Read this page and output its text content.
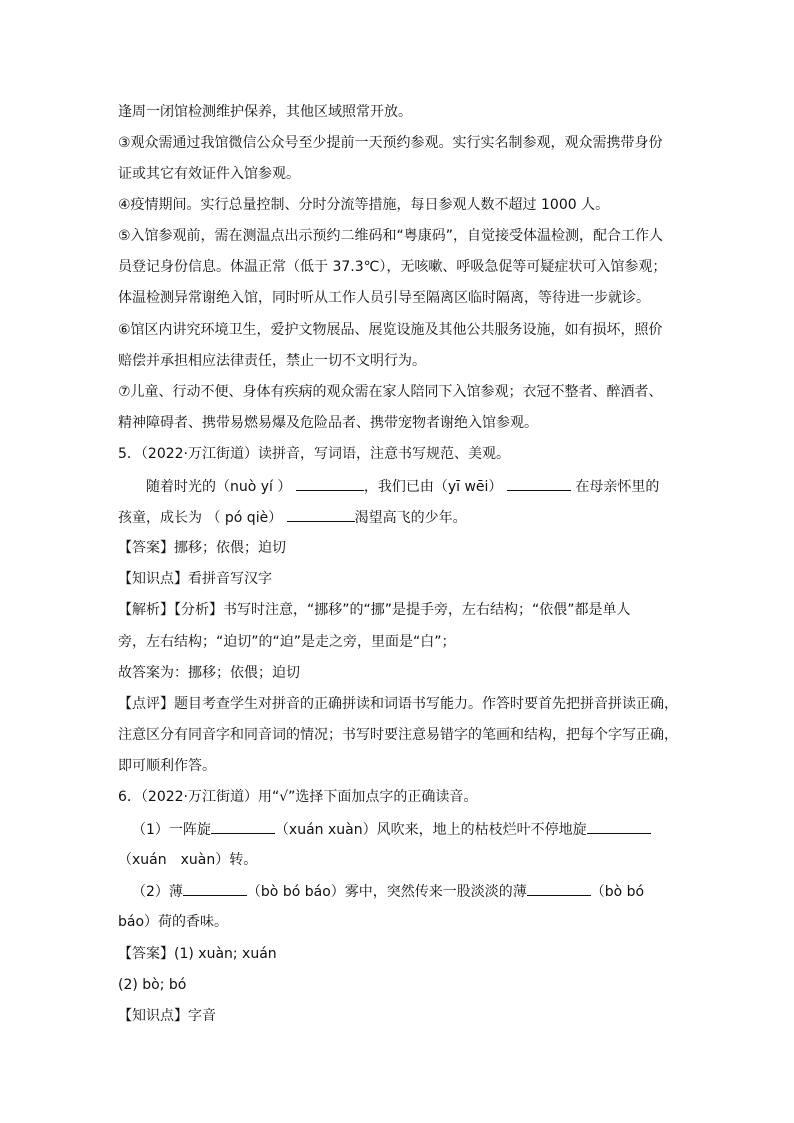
逢周一闭馆检测维护保养，其他区域照常开放。
③观众需通过我馆微信公众号至少提前一天预约参观。实行实名制参观，观众需携带身份
证或其它有效证件入馆参观。
④疫情期间。实行总量控制、分时分流等措施，每日参观人数不超过 1000 人。
⑤入馆参观前，需在测温点出示预约二维码和“粤康码”，自觉接受体温检测，配合工作人
员登记身份信息。体温正常（低于 37.3℃），无咳嗽、呼吸急促等可疑症状可入馆参观；
体温检测异常谢绝入馆，同时听从工作人员引导至隔离区临时隔离，等待进一步就诊。
⑥馆区内讲究环境卫生，爱护文物展品、展览设施及其他公共服务设施，如有损坏，照价
赔偿并承担相应法律责任，禁止一切不文明行为。
⑦儿童、行动不便、身体有疾病的观众需在家人陪同下入馆参观；衣冠不整者、醉酒者、
精神障碍者、携带易燃易爆及危险品者、携带宠物者谢绝入馆参观。
5．（2022·万江街道）读拼音，写词语，注意书写规范、美观。
随着时光的（nuò yí ）	，我们已由（yī wēi）	在母亲怀里的
孩童，成长为 （ pó qiè）	渴望高飞的少年。
【答案】挪移；依偎；迫切
【知识点】看拼音写汉字
【解析】【分析】书写时注意，“挪移”的“挪”是提手旁，左右结构；“依偎”都是单人
旁，左右结构；“迫切”的“迫”是走之旁，里面是“白”；
故答案为：挪移；依偎；迫切
【点评】题目考查学生对拼音的正确拼读和词语书写能力。作答时要首先把拼音拼读正确，
注意区分有同音字和同音词的情况；书写时要注意易错字的笔画和结构，把每个字写正确，
即可顺利作答。
6．（2022·万江街道）用“√”选择下面加点字的正确读音。
（1）一阵旋	（xuán xuàn）风吹来，地上的枯枝烂叶不停地旋
（xuán　xuàn）转。
（2）薄	（bò bó báo）雾中，突然传来一股淡淡的薄	（bò bó
báo）荷的香味。
【答案】(1) xuàn; xuán
(2) bò; bó
【知识点】字音
